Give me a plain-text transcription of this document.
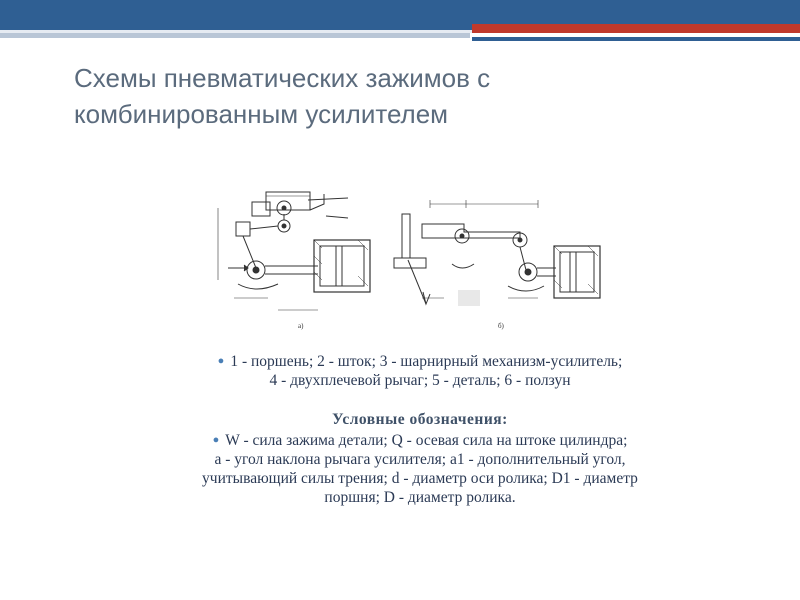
Схемы пневматических зажимов с
комбинированным усилителем
а)	б)
● 1 - поршень; 2 - шток; 3 - шарнирный механизм-усилитель;
4 - двухплечевой рычаг; 5 - деталь; 6 - ползун
Условные обозначения:
● W - сила зажима детали; Q - осевая сила на штоке цилиндра;
a - угол наклона рычага усилителя; a1 - дополнительный угол,
учитывающий силы трения; d - диаметр оси ролика; D1 - диаметр
поршня; D - диаметр ролика.
